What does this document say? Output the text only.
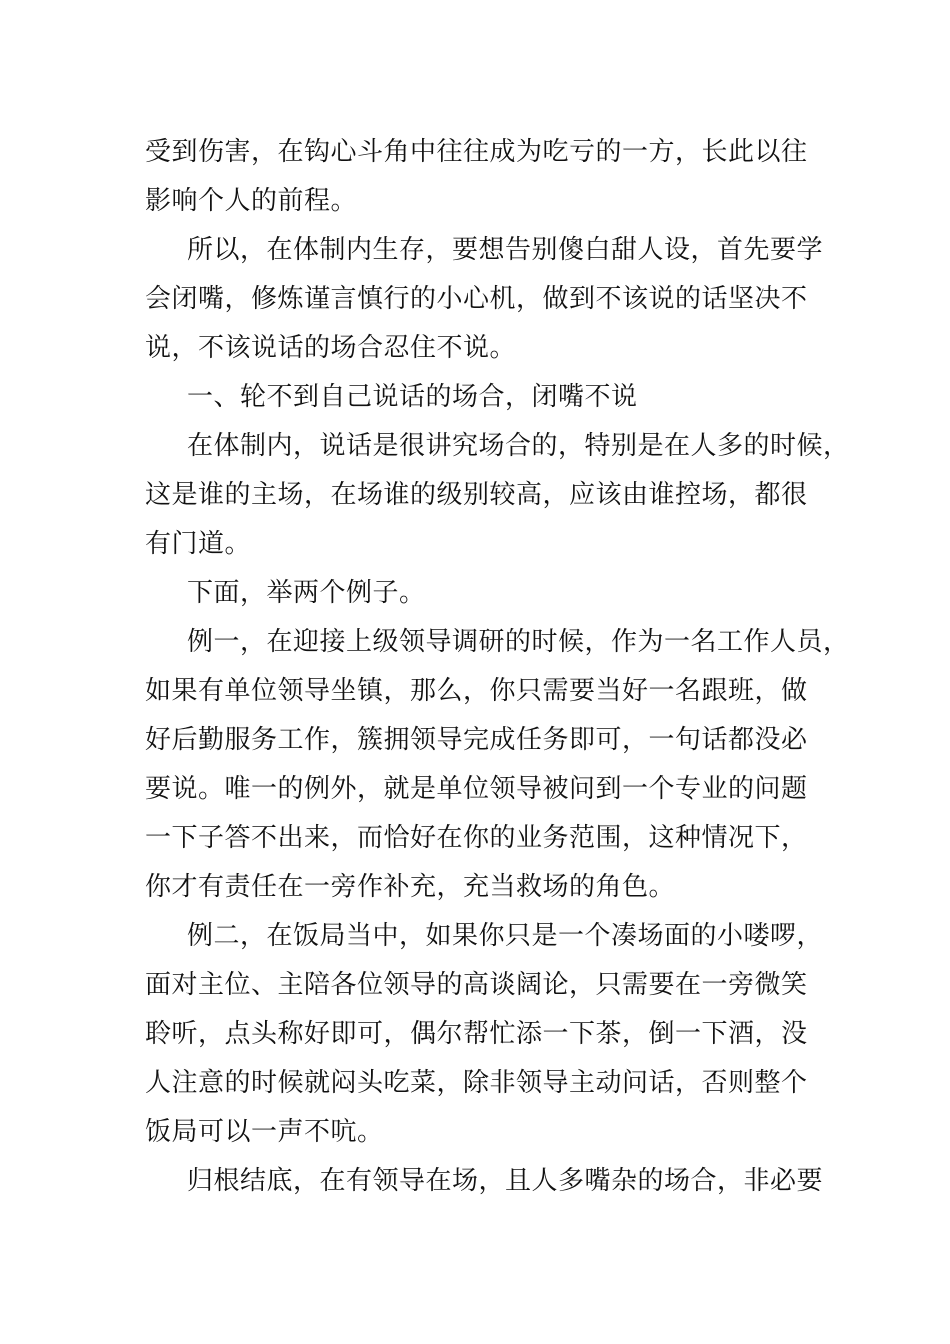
受到伤害，在钩心斗角中往往成为吃亏的一方，长此以往
影响个人的前程。
所以，在体制内生存，要想告别傻白甜人设，首先要学
会闭嘴，修炼谨言慎行的小心机，做到不该说的话坚决不
说，不该说话的场合忍住不说。
一、轮不到自己说话的场合，闭嘴不说
在体制内，说话是很讲究场合的，特别是在人多的时候，
这是谁的主场，在场谁的级别较高，应该由谁控场，都很
有门道。
下面，举两个例子。
例一，在迎接上级领导调研的时候，作为一名工作人员，
如果有单位领导坐镇，那么，你只需要当好一名跟班，做
好后勤服务工作，簇拥领导完成任务即可，一句话都没必
要说。唯一的例外，就是单位领导被问到一个专业的问题
一下子答不出来，而恰好在你的业务范围，这种情况下，
你才有责任在一旁作补充，充当救场的角色。
例二，在饭局当中，如果你只是一个凑场面的小喽啰，
面对主位、主陪各位领导的高谈阔论，只需要在一旁微笑
聆听，点头称好即可，偶尔帮忙添一下茶，倒一下酒，没
人注意的时候就闷头吃菜，除非领导主动问话，否则整个
饭局可以一声不吭。
归根结底，在有领导在场，且人多嘴杂的场合，非必要
